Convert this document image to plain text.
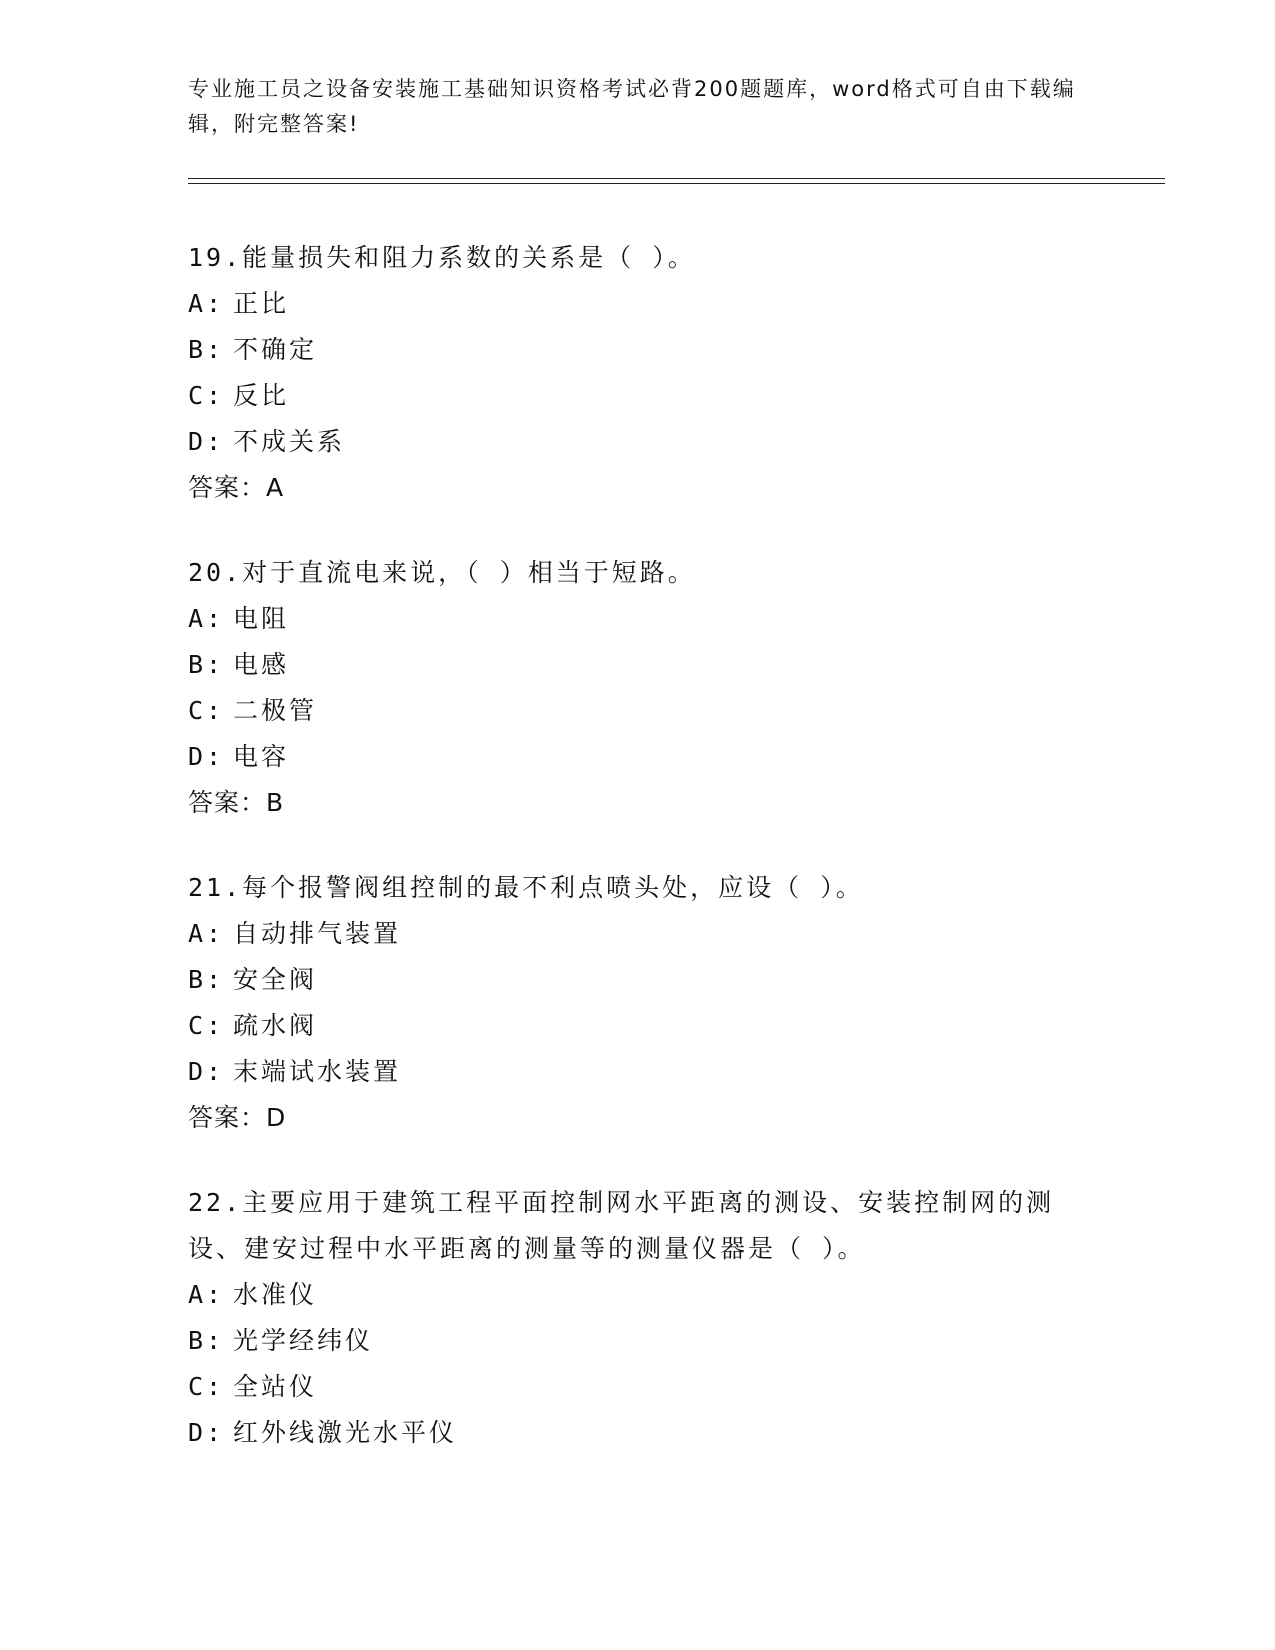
专业施工员之设备安装施工基础知识资格考试必背200题题库，word格式可自由下载编辑，附完整答案!
19.能量损失和阻力系数的关系是（ ）。
A: 正比
B: 不确定
C: 反比
D: 不成关系
答案：A
20.对于直流电来说，（ ）相当于短路。
A: 电阻
B: 电感
C: 二极管
D: 电容
答案：B
21.每个报警阀组控制的最不利点喷头处，应设（ ）。
A: 自动排气装置
B: 安全阀
C: 疏水阀
D: 末端试水装置
答案：D
22.主要应用于建筑工程平面控制网水平距离的测设、安装控制网的测设、建安过程中水平距离的测量等的测量仪器是（ ）。
A: 水准仪
B: 光学经纬仪
C: 全站仪
D: 红外线激光水平仪
